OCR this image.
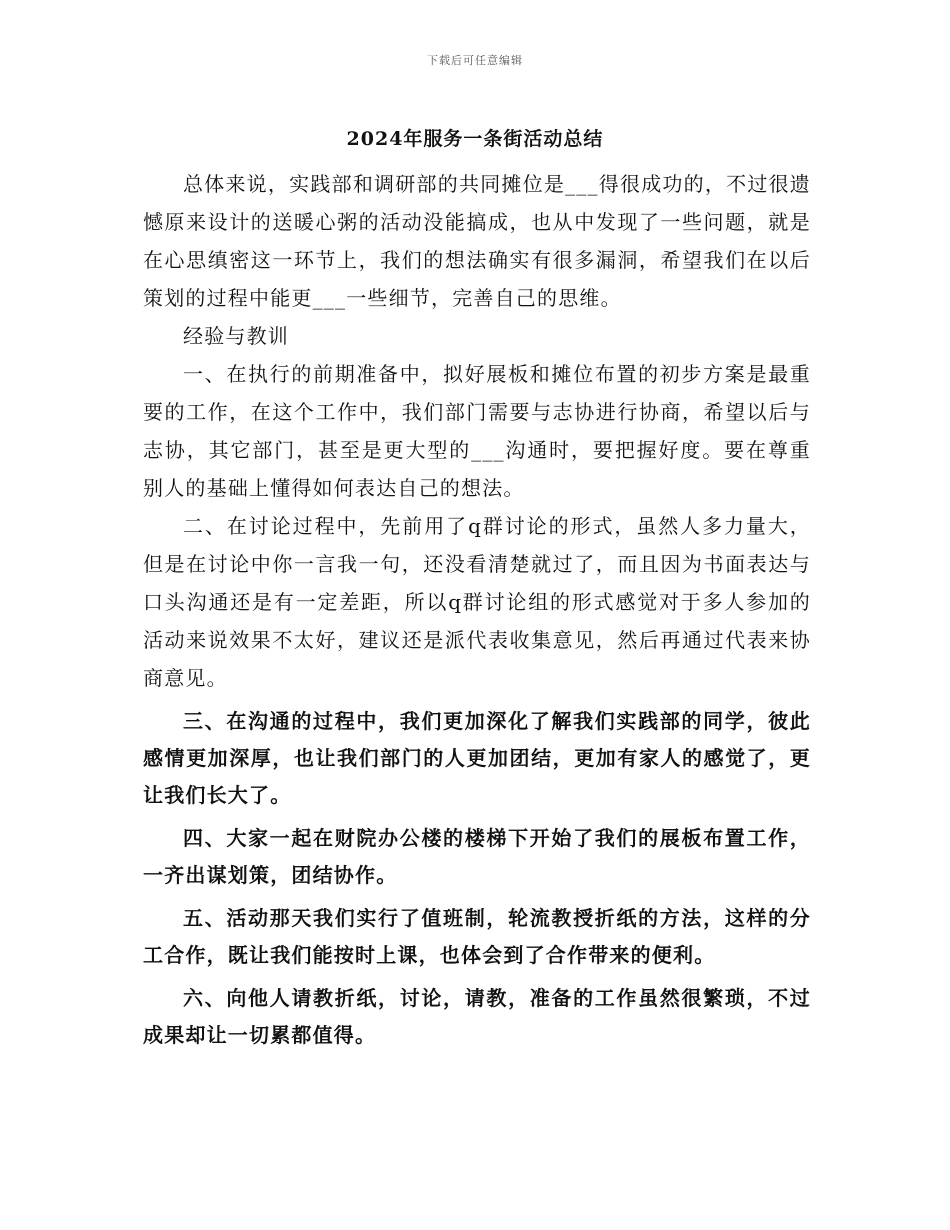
下载后可任意编辑
2024年服务一条街活动总结

总体来说，实践部和调研部的共同摊位是___得很成功的，不过很遗憾原来设计的送暖心粥的活动没能搞成，也从中发现了一些问题，就是在心思缜密这一环节上，我们的想法确实有很多漏洞，希望我们在以后策划的过程中能更___一些细节，完善自己的思维。

经验与教训

一、在执行的前期准备中，拟好展板和摊位布置的初步方案是最重要的工作，在这个工作中，我们部门需要与志协进行协商，希望以后与志协，其它部门，甚至是更大型的___沟通时，要把握好度。要在尊重别人的基础上懂得如何表达自己的想法。

二、在讨论过程中，先前用了q群讨论的形式，虽然人多力量大，但是在讨论中你一言我一句，还没看清楚就过了，而且因为书面表达与口头沟通还是有一定差距，所以q群讨论组的形式感觉对于多人参加的活动来说效果不太好，建议还是派代表收集意见，然后再通过代表来协商意见。

三、在沟通的过程中，我们更加深化了解我们实践部的同学，彼此感情更加深厚，也让我们部门的人更加团结，更加有家人的感觉了，更让我们长大了。

四、大家一起在财院办公楼的楼梯下开始了我们的展板布置工作，一齐出谋划策，团结协作。

五、活动那天我们实行了值班制，轮流教授折纸的方法，这样的分工合作，既让我们能按时上课，也体会到了合作带来的便利。

六、向他人请教折纸，讨论，请教，准备的工作虽然很繁琐，不过成果却让一切累都值得。
